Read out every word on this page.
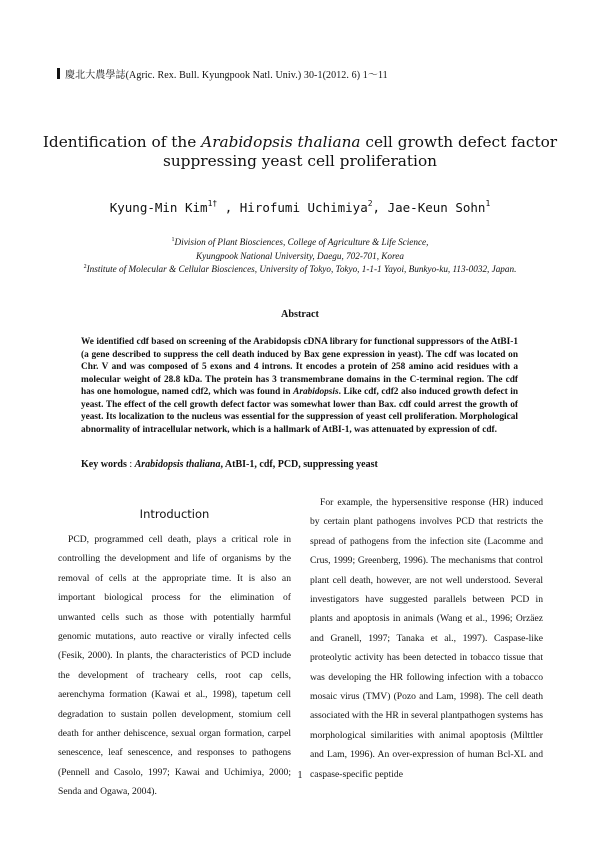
慶北大農學誌(Agric. Rex. Bull. Kyungpook Natl. Univ.) 30-1(2012. 6) 1～11
Identification of the Arabidopsis thaliana cell growth defect factor
suppressing yeast cell proliferation
Kyung-Min Kim$^{1\dagger}$ , Hirofumi Uchimiya$^2$, Jae-Keun Sohn$^1$
$^1$Division of Plant Biosciences, College of Agriculture & Life Science,
Kyungpook National University, Daegu, 702-701, Korea
$^2$Institute of Molecular & Cellular Biosciences, University of Tokyo, Tokyo, 1-1-1 Yayoi, Bunkyo-ku, 113-0032, Japan.
Abstract
We identified cdf based on screening of the Arabidopsis cDNA library for functional suppressors of the AtBI-1 (a gene described to suppress the cell death induced by Bax gene expression in yeast). The cdf was located on Chr. V and was composed of 5 exons and 4 introns. It encodes a protein of 258 amino acid residues with a molecular weight of 28.8 kDa. The protein has 3 transmembrane domains in the C-terminal region. The cdf has one homologue, named cdf2, which was found in Arabidopsis. Like cdf, cdf2 also induced growth defect in yeast. The effect of the cell growth defect factor was somewhat lower than Bax. cdf could arrest the growth of yeast. Its localization to the nucleus was essential for the suppression of yeast cell proliferation. Morphological abnormality of intracellular network, which is a hallmark of AtBI-1, was attenuated by expression of cdf.
Key words : Arabidopsis thaliana, AtBI-1, cdf, PCD, suppressing yeast
Introduction

PCD, programmed cell death, plays a critical role in controlling the development and life of organisms by the removal of cells at the appropriate time. It is also an important biological process for the elimination of unwanted cells such as those with potentially harmful genomic mutations, auto reactive or virally infected cells (Fesik, 2000). In plants, the characteristics of PCD include the development of tracheary cells, root cap cells, aerenchyma formation (Kawai et al., 1998), tapetum cell degradation to sustain pollen development, stomium cell death for anther dehiscence, sexual organ formation, carpel senescence, leaf senescence, and responses to pathogens (Pennell and Casolo, 1997; Kawai and Uchimiya, 2000; Senda and Ogawa, 2004).

For example, the hypersensitive response (HR) induced by certain plant pathogens involves PCD that restricts the spread of pathogens from the infection site (Lacomme and Crus, 1999; Greenberg, 1996). The mechanisms that control plant cell death, however, are not well understood. Several investigators have suggested parallels between PCD in plants and apoptosis in animals (Wang et al., 1996; Orzäez and Granell, 1997; Tanaka et al., 1997). Caspase-like proteolytic activity has been detected in tobacco tissue that was developing the HR following infection with a tobacco mosaic virus (TMV) (Pozo and Lam, 1998). The cell death associated with the HR in several plantpathogen systems has morphological similarities with animal apoptosis (Milttler and Lam, 1996). An over-expression of human Bcl-XL and caspase-specific peptide

1
